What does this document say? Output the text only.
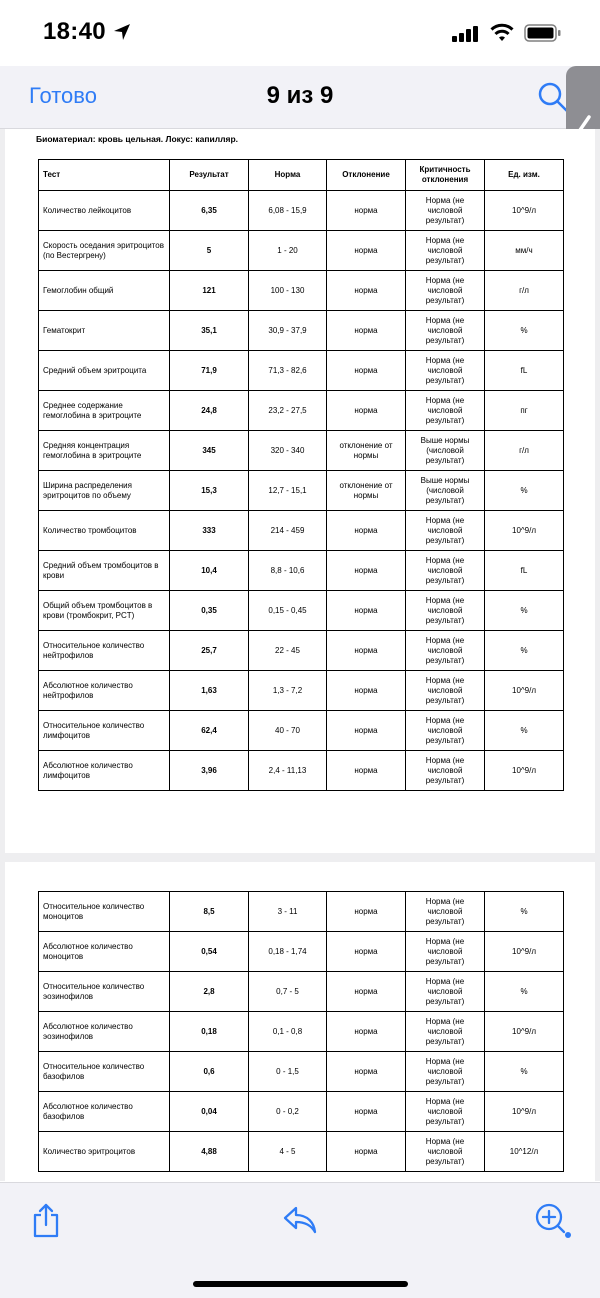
18:40
Готово	9 из 9
Биоматериал: кровь цельная. Локус: капилляр.
Тест	Результат	Норма	Отклонение	Критичность отклонения	Ед. изм.
Количество лейкоцитов	6,35	6,08 - 15,9	норма	Норма (не числовой результат)	10^9/л
Скорость оседания эритроцитов (по Вестергрену)	5	1 - 20	норма	Норма (не числовой результат)	мм/ч
Гемоглобин общий	121	100 - 130	норма	Норма (не числовой результат)	г/л
Гематокрит	35,1	30,9 - 37,9	норма	Норма (не числовой результат)	%
Средний объем эритроцита	71,9	71,3 - 82,6	норма	Норма (не числовой результат)	fL
Среднее содержание гемоглобина в эритроците	24,8	23,2 - 27,5	норма	Норма (не числовой результат)	пг
Средняя концентрация гемоглобина в эритроците	345	320 - 340	отклонение от нормы	Выше нормы (числовой результат)	г/л
Ширина распределения эритроцитов по объему	15,3	12,7 - 15,1	отклонение от нормы	Выше нормы (числовой результат)	%
Количество тромбоцитов	333	214 - 459	норма	Норма (не числовой результат)	10^9/л
Средний объем тромбоцитов в крови	10,4	8,8 - 10,6	норма	Норма (не числовой результат)	fL
Общий объем тромбоцитов в крови (тромбокрит, PCT)	0,35	0,15 - 0,45	норма	Норма (не числовой результат)	%
Относительное количество нейтрофилов	25,7	22 - 45	норма	Норма (не числовой результат)	%
Абсолютное количество нейтрофилов	1,63	1,3 - 7,2	норма	Норма (не числовой результат)	10^9/л
Относительное количество лимфоцитов	62,4	40 - 70	норма	Норма (не числовой результат)	%
Абсолютное количество лимфоцитов	3,96	2,4 - 11,13	норма	Норма (не числовой результат)	10^9/л
Относительное количество моноцитов	8,5	3 - 11	норма	Норма (не числовой результат)	%
Абсолютное количество моноцитов	0,54	0,18 - 1,74	норма	Норма (не числовой результат)	10^9/л
Относительное количество эозинофилов	2,8	0,7 - 5	норма	Норма (не числовой результат)	%
Абсолютное количество эозинофилов	0,18	0,1 - 0,8	норма	Норма (не числовой результат)	10^9/л
Относительное количество базофилов	0,6	0 - 1,5	норма	Норма (не числовой результат)	%
Абсолютное количество базофилов	0,04	0 - 0,2	норма	Норма (не числовой результат)	10^9/л
Количество эритроцитов	4,88	4 - 5	норма	Норма (не числовой результат)	10^12/л
